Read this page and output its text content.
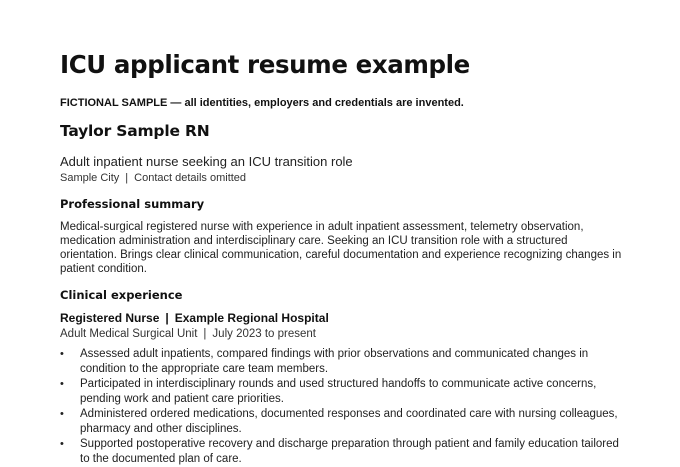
ICU applicant resume example

FICTIONAL SAMPLE — all identities, employers and credentials are invented.

Taylor Sample RN

Adult inpatient nurse seeking an ICU transition role

Sample City | Contact details omitted

Professional summary

Medical-surgical registered nurse with experience in adult inpatient assessment, telemetry observation, medication administration and interdisciplinary care. Seeking an ICU transition role with a structured orientation. Brings clear clinical communication, careful documentation and experience recognizing changes in patient condition.

Clinical experience

Registered Nurse | Example Regional Hospital

Adult Medical Surgical Unit | July 2023 to present

• Assessed adult inpatients, compared findings with prior observations and communicated changes in condition to the appropriate care team members.
• Participated in interdisciplinary rounds and used structured handoffs to communicate active concerns, pending work and patient care priorities.
• Administered ordered medications, documented responses and coordinated care with nursing colleagues, pharmacy and other disciplines.
• Supported postoperative recovery and discharge preparation through patient and family education tailored to the documented plan of care.
